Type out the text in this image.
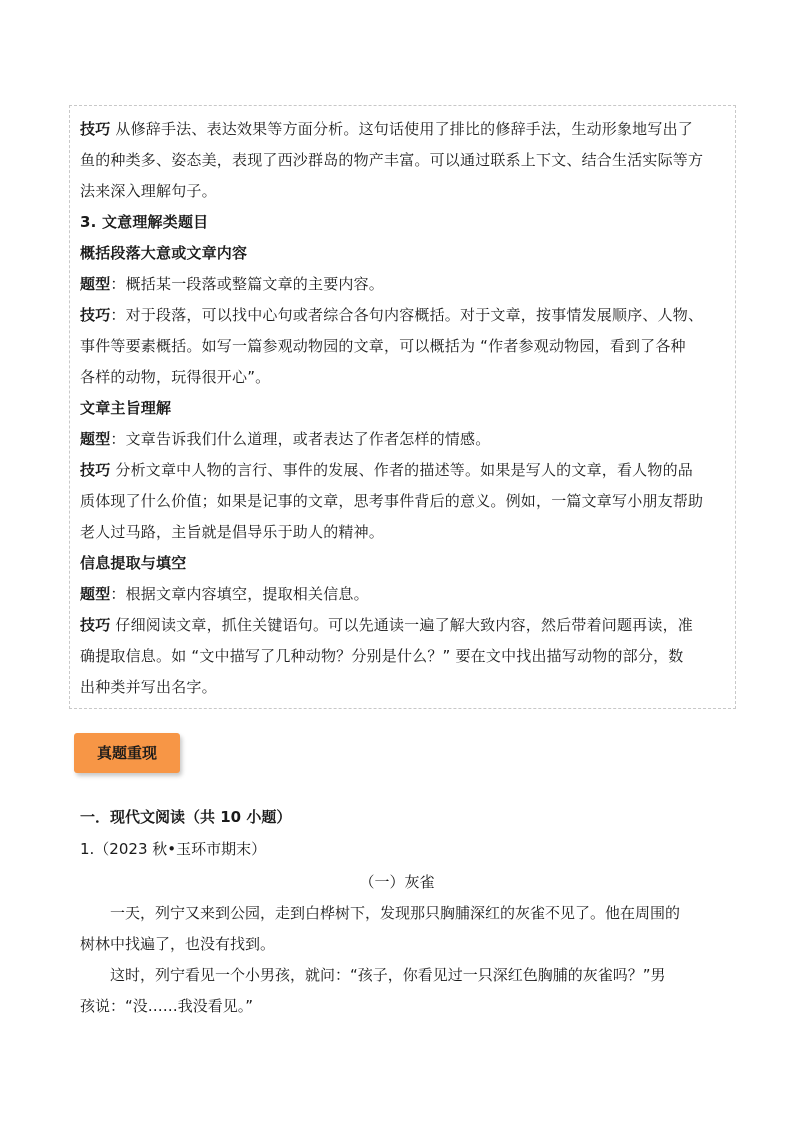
技巧 从修辞手法、表达效果等方面分析。这句话使用了排比的修辞手法，生动形象地写出了
鱼的种类多、姿态美，表现了西沙群岛的物产丰富。可以通过联系上下文、结合生活实际等方
法来深入理解句子。
3. 文意理解类题目
概括段落大意或文章内容
题型：概括某一段落或整篇文章的主要内容。
技巧：对于段落，可以找中心句或者综合各句内容概括。对于文章，按事情发展顺序、人物、
事件等要素概括。如写一篇参观动物园的文章，可以概括为 “作者参观动物园，看到了各种
各样的动物，玩得很开心”。
文章主旨理解
题型：文章告诉我们什么道理，或者表达了作者怎样的情感。
技巧 分析文章中人物的言行、事件的发展、作者的描述等。如果是写人的文章，看人物的品
质体现了什么价值；如果是记事的文章，思考事件背后的意义。例如，一篇文章写小朋友帮助
老人过马路，主旨就是倡导乐于助人的精神。
信息提取与填空
题型：根据文章内容填空，提取相关信息。
技巧 仔细阅读文章，抓住关键语句。可以先通读一遍了解大致内容，然后带着问题再读，准
确提取信息。如 “文中描写了几种动物？分别是什么？” 要在文中找出描写动物的部分，数
出种类并写出名字。
真题重现
一．现代文阅读（共 10 小题）
1.（2023 秋•玉环市期末）
（一）灰雀
一天，列宁又来到公园，走到白桦树下，发现那只胸脯深红的灰雀不见了。他在周围的
树林中找遍了，也没有找到。
这时，列宁看见一个小男孩，就问：“孩子，你看见过一只深红色胸脯的灰雀吗？”男
孩说：“没……我没看见。”
